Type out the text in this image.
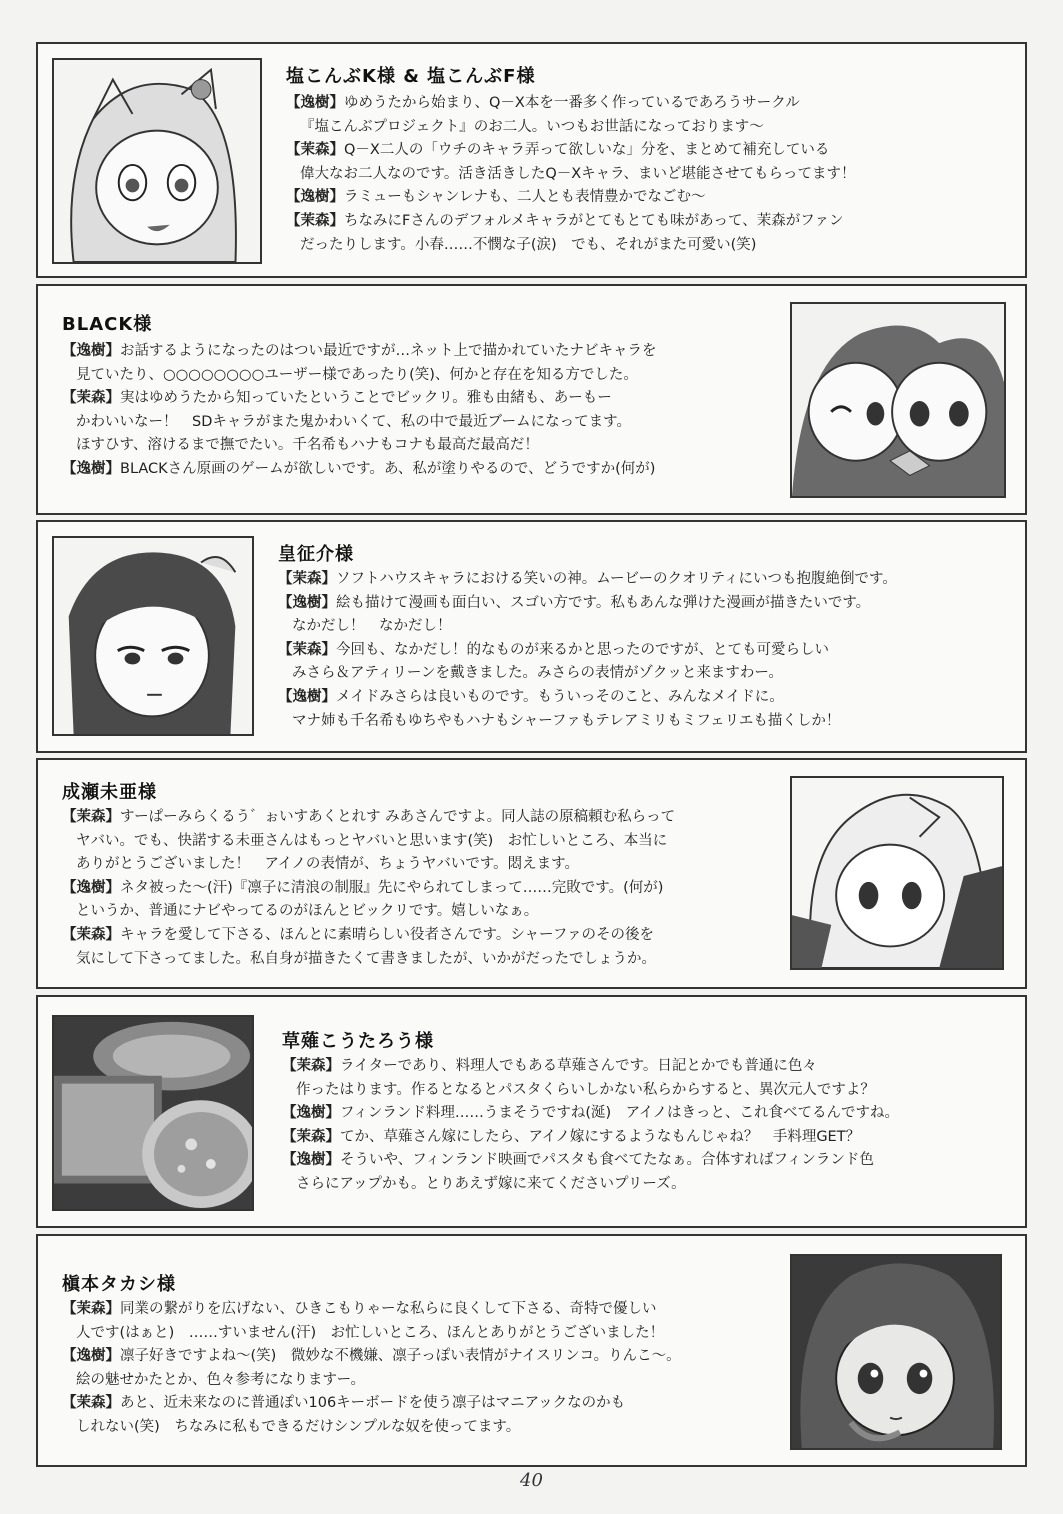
塩こんぶK様 & 塩こんぶF様
【逸樹】ゆめうたから始まり、Q－X本を一番多く作っているであろうサークル
『塩こんぶプロジェクト』のお二人。いつもお世話になっております～
【茉森】Q－X二人の「ウチのキャラ弄って欲しいな」分を、まとめて補充している
偉大なお二人なのです。活き活きしたQ－Xキャラ、まいど堪能させてもらってます！
【逸樹】ラミューもシャンレナも、二人とも表情豊かでなごむ～
【茉森】ちなみにFさんのデフォルメキャラがとてもとても味があって、茉森がファン
だったりします。小春……不憫な子(涙)　でも、それがまた可愛い(笑)
BLACK様
【逸樹】お話するようになったのはつい最近ですが…ネット上で描かれていたナビキャラを
見ていたり、○○○○○○○○ユーザー様であったり(笑)、何かと存在を知る方でした。
【茉森】実はゆめうたから知っていたということでビックリ。雅も由緒も、あーもー
かわいいなー！　SDキャラがまた鬼かわいくて、私の中で最近ブームになってます。
ほすひす、溶けるまで撫でたい。千名希もハナもコナも最高だ最高だ！
【逸樹】BLACKさん原画のゲームが欲しいです。あ、私が塗りやるので、どうですか(何が)
皇征介様
【茉森】ソフトハウスキャラにおける笑いの神。ムービーのクオリティにいつも抱腹絶倒です。
【逸樹】絵も描けて漫画も面白い、スゴい方です。私もあんな弾けた漫画が描きたいです。
なかだし！　なかだし！
【茉森】今回も、なかだし！的なものが来るかと思ったのですが、とても可愛らしい
みさら＆アティリーンを戴きました。みさらの表情がゾクッと来ますわー。
【逸樹】メイドみさらは良いものです。もういっそのこと、みんなメイドに。
マナ姉も千名希もゆちやもハナもシャーファもテレアミリもミフェリエも描くしか！
成瀬未亜様
【茉森】すーぱーみらくるう゛ぉいすあくとれす みあさんですよ。同人誌の原稿頼む私らって
ヤバい。でも、快諾する未亜さんはもっとヤバいと思います(笑)　お忙しいところ、本当に
ありがとうございました！　アイノの表情が、ちょうヤバいです。悶えます。
【逸樹】ネタ被った～(汗)『凛子に清浪の制服』先にやられてしまって……完敗です。(何が)
というか、普通にナビやってるのがほんとビックリです。嬉しいなぁ。
【茉森】キャラを愛して下さる、ほんとに素晴らしい役者さんです。シャーファのその後を
気にして下さってました。私自身が描きたくて書きましたが、いかがだったでしょうか。
草薙こうたろう様
【茉森】ライターであり、料理人でもある草薙さんです。日記とかでも普通に色々
作ったはります。作るとなるとパスタくらいしかない私らからすると、異次元人ですよ？
【逸樹】フィンランド料理……うまそうですね(涎)　アイノはきっと、これ食べてるんですね。
【茉森】てか、草薙さん嫁にしたら、アイノ嫁にするようなもんじゃね？　手料理GET？
【逸樹】そういや、フィンランド映画でパスタも食べてたなぁ。合体すればフィンランド色
さらにアップかも。とりあえず嫁に来てくださいプリーズ。
槇本タカシ様
【茉森】同業の繋がりを広げない、ひきこもりゃーな私らに良くして下さる、奇特で優しい
人です(はぁと)　……すいません(汗)　お忙しいところ、ほんとありがとうございました！
【逸樹】凛子好きですよね～(笑)　微妙な不機嫌、凛子っぽい表情がナイスリンコ。りんこ～。
絵の魅せかたとか、色々参考になりますー。
【茉森】あと、近未来なのに普通ぽい106キーボードを使う凛子はマニアックなのかも
しれない(笑)　ちなみに私もできるだけシンプルな奴を使ってます。
40
